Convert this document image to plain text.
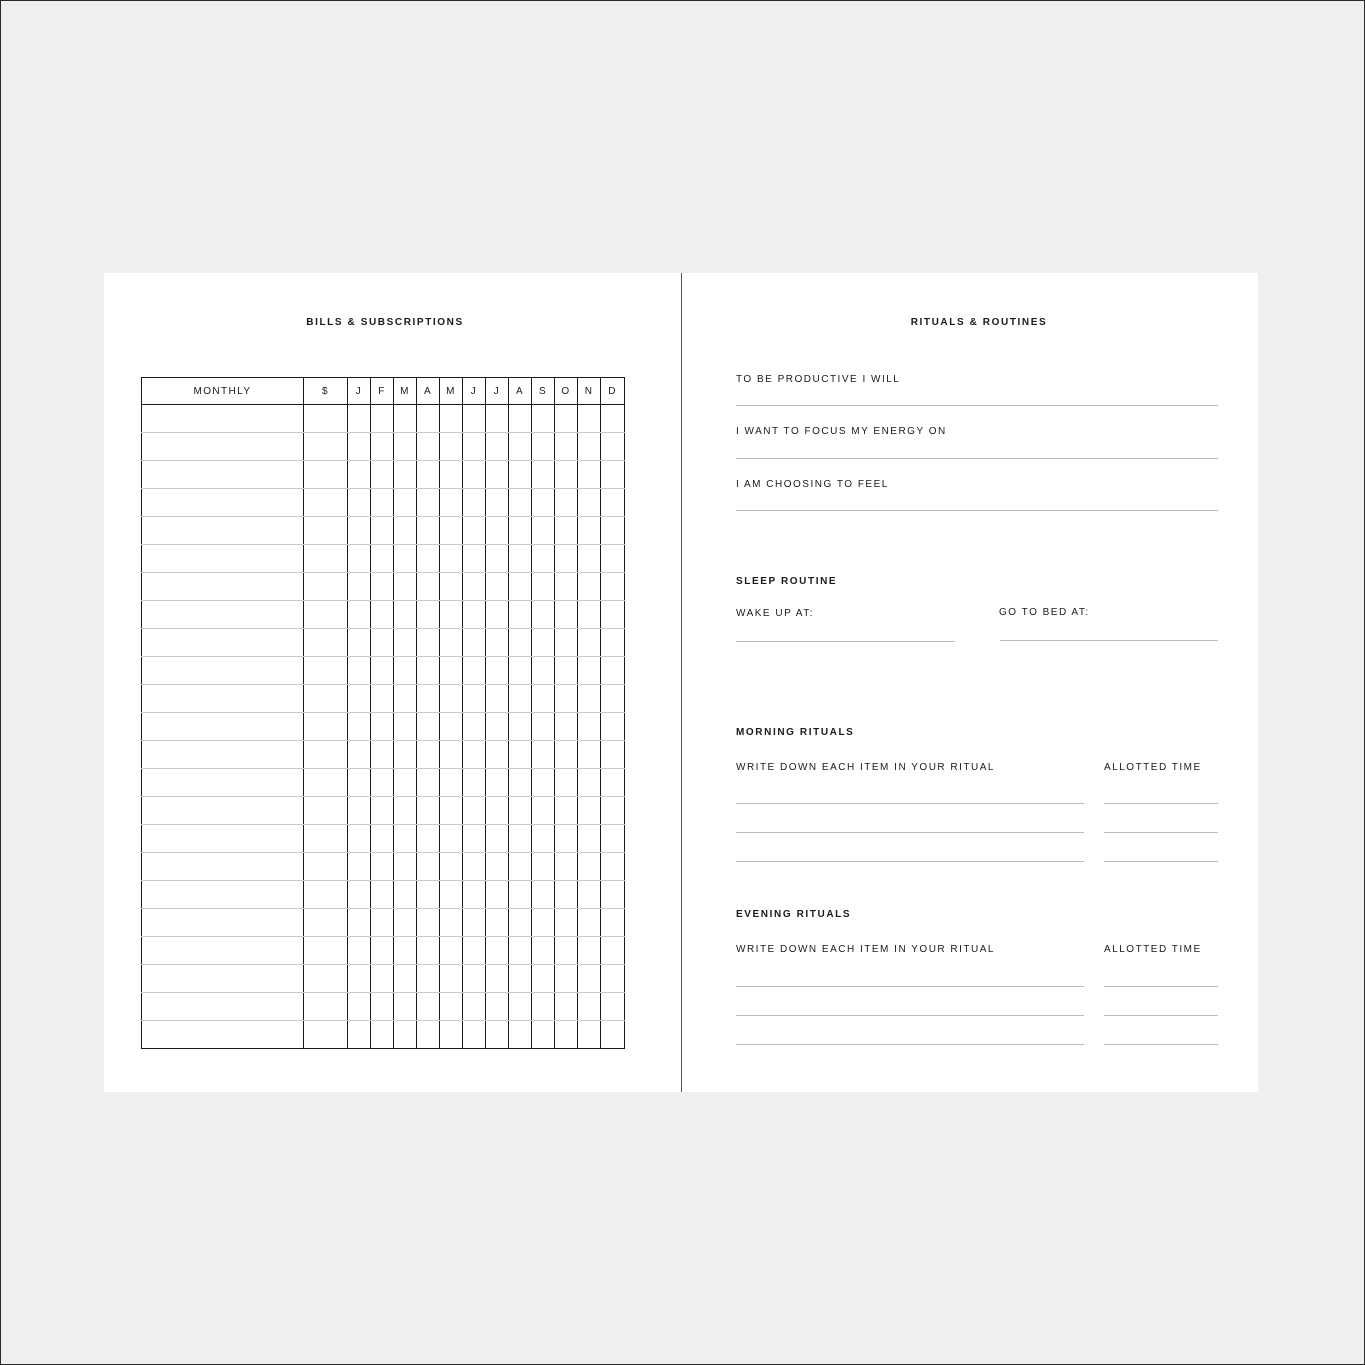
BILLS & SUBSCRIPTIONS
MONTHLY	$	J	F	M	A	M	J	J	A	S	O	N	D

RITUALS & ROUTINES

TO BE PRODUCTIVE I WILL

I WANT TO FOCUS MY ENERGY ON

I AM CHOOSING TO FEEL

SLEEP ROUTINE

WAKE UP AT:	GO TO BED AT:

MORNING RITUALS

WRITE DOWN EACH ITEM IN YOUR RITUAL	ALLOTTED TIME

EVENING RITUALS

WRITE DOWN EACH ITEM IN YOUR RITUAL	ALLOTTED TIME
